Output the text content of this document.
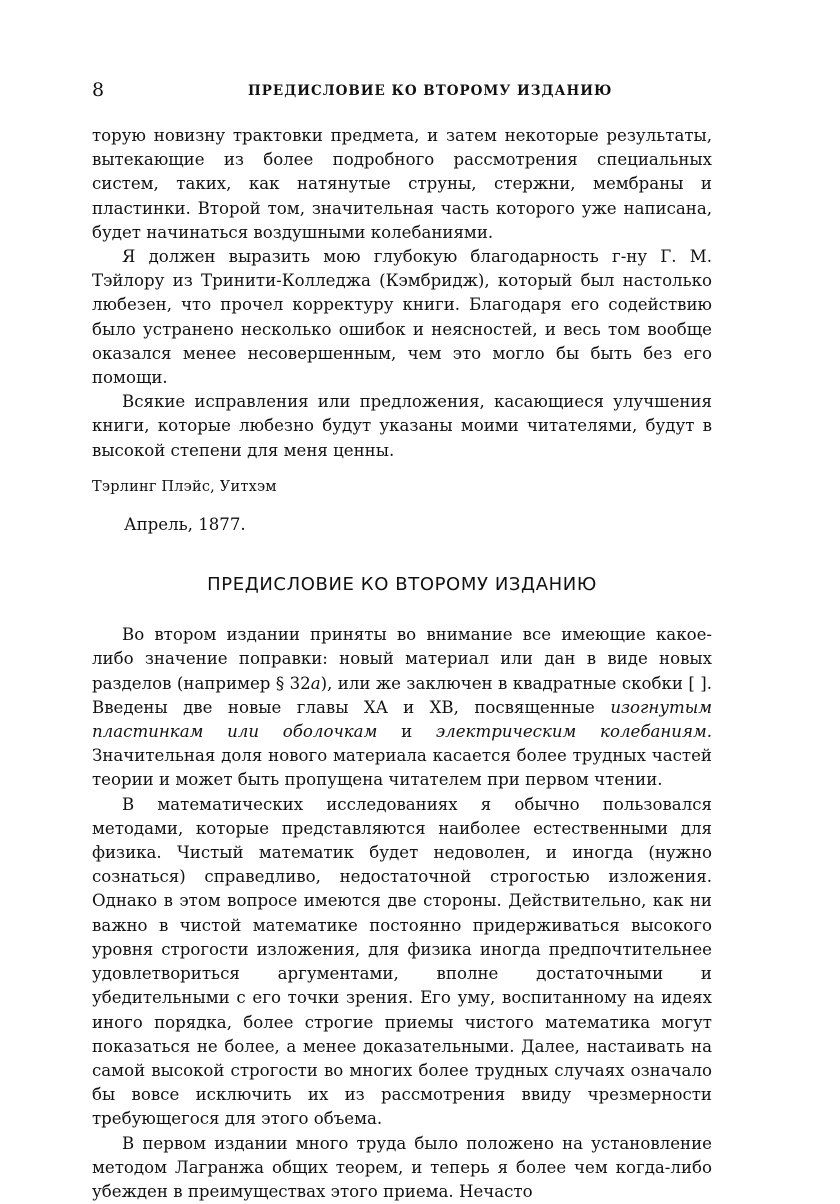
8	ПРЕДИСЛОВИЕ КО ВТОРОМУ ИЗДАНИЮ

торую новизну трактовки предмета, и затем некоторые результаты, вытекающие из более подробного рассмотрения специальных систем, таких, как натянутые струны, стержни, мембраны и пластинки. Второй том, значительная часть которого уже написана, будет начинаться воздушными колебаниями.

Я должен выразить мою глубокую благодарность г-ну Г. М. Тэйлору из Тринити-Колледжа (Кэмбридж), который был настолько любезен, что прочел корректуру книги. Благодаря его содействию было устранено несколько ошибок и неясностей, и весь том вообще оказался менее несовершенным, чем это могло бы быть без его помощи.

Всякие исправления или предложения, касающиеся улучшения книги, которые любезно будут указаны моими читателями, будут в высокой степени для меня ценны.

Тэрлинг Плэйс, Уитхэм

Апрель, 1877.

ПРЕДИСЛОВИЕ КО ВТОРОМУ ИЗДАНИЮ

Во втором издании приняты во внимание все имеющие какое-либо значение поправки: новый материал или дан в виде новых разделов (например § 32a), или же заключен в квадратные скобки [ ]. Введены две новые главы XA и XB, посвященные изогнутым пластинкам или оболочкам и электрическим колебаниям. Значительная доля нового материала касается более трудных частей теории и может быть пропущена читателем при первом чтении.

В математических исследованиях я обычно пользовался методами, которые представляются наиболее естественными для физика. Чистый математик будет недоволен, и иногда (нужно сознаться) справедливо, недостаточной строгостью изложения. Однако в этом вопросе имеются две стороны. Действительно, как ни важно в чистой математике постоянно придерживаться высокого уровня строгости изложения, для физика иногда предпочтительнее удовлетвориться аргументами, вполне достаточными и убедительными с его точки зрения. Его уму, воспитанному на идеях иного порядка, более строгие приемы чистого математика могут показаться не более, а менее доказательными. Далее, настаивать на самой высокой строгости во многих более трудных случаях означало бы вовсе исключить их из рассмотрения ввиду чрезмерности требующегося для этого объема.

В первом издании много труда было положено на установление методом Лагранжа общих теорем, и теперь я более чем когда-либо убежден в преимуществах этого приема. Нечасто
